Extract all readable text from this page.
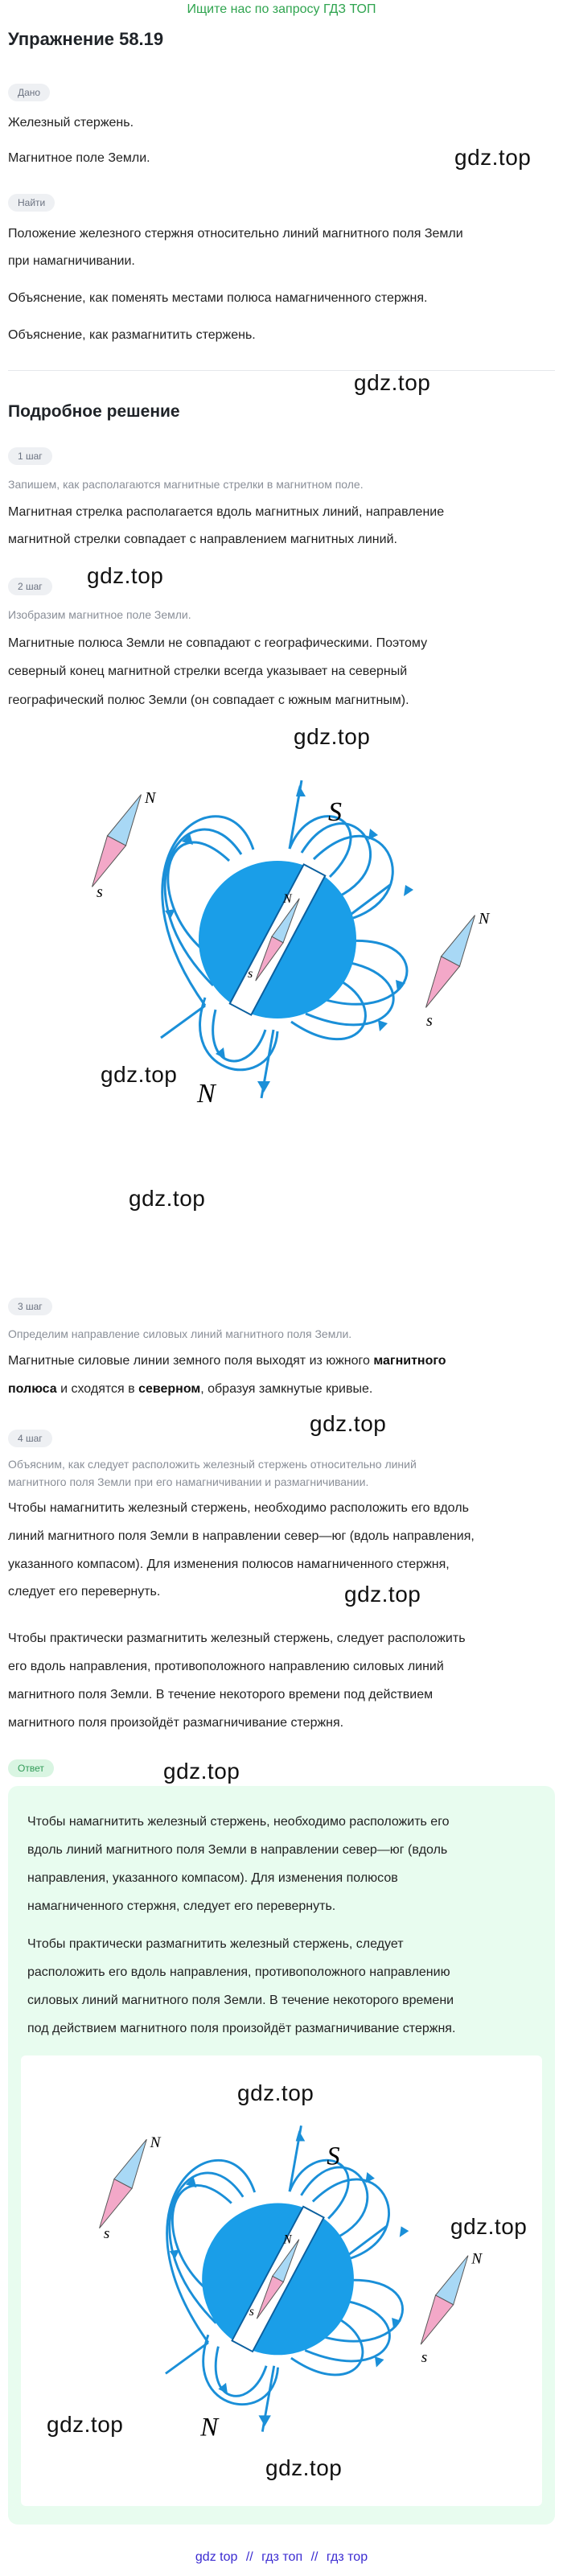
Ищите нас по запросу ГДЗ ТОП
Упражнение 58.19
Дано
Железный стержень.
Магнитное поле Земли.	gdz.top
Найти
Положение железного стержня относительно линий магнитного поля Земли
при намагничивании.
Объяснение, как поменять местами полюса намагниченного стержня.
Объяснение, как размагнитить стержень.
gdz.top
Подробное решение
1 шаг
Запишем, как располагаются магнитные стрелки в магнитном поле.
Магнитная стрелка располагается вдоль магнитных линий, направление
магнитной стрелки совпадает с направлением магнитных линий.
2 шаг	gdz.top
Изобразим магнитное поле Земли.
Магнитные полюса Земли не совпадают с географическими. Поэтому
северный конец магнитной стрелки всегда указывает на северный
географический полюс Земли (он совпадает с южным магнитным).
gdz.top
N
s
N
s
N
s
S
N
gdz.top
gdz.top
3 шаг
Определим направление силовых линий магнитного поля Земли.
Магнитные силовые линии земного поля выходят из южного магнитного
полюса и сходятся в северном, образуя замкнутые кривые.
gdz.top
4 шаг
Объясним, как следует расположить железный стержень относительно линий
магнитного поля Земли при его намагничивании и размагничивании.
Чтобы намагнитить железный стержень, необходимо расположить его вдоль
линий магнитного поля Земли в направлении север—юг (вдоль направления,
указанного компасом). Для изменения полюсов намагниченного стержня,
следует его перевернуть.	gdz.top
Чтобы практически размагнитить железный стержень, следует расположить
его вдоль направления, противоположного направлению силовых линий
магнитного поля Земли. В течение некоторого времени под действием
магнитного поля произойдёт размагничивание стержня.
Ответ	gdz.top
Чтобы намагнитить железный стержень, необходимо расположить его
вдоль линий магнитного поля Земли в направлении север—юг (вдоль
направления, указанного компасом). Для изменения полюсов
намагниченного стержня, следует его перевернуть.
Чтобы практически размагнитить железный стержень, следует
расположить его вдоль направления, противоположного направлению
силовых линий магнитного поля Земли. В течение некоторого времени
под действием магнитного поля произойдёт размагничивание стержня.
gdz.top
N
s
N
s
N
s
S
N
gdz.top
gdz.top
gdz.top
gdz top // гдз топ // гдз тор
